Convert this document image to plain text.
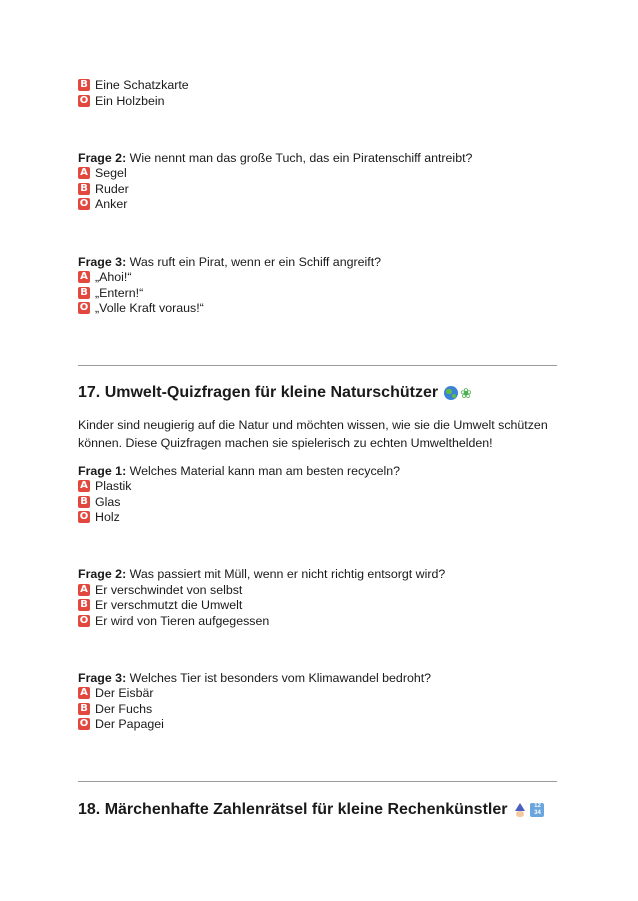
B Eine Schatzkarte
O Ein Holzbein
Frage 2: Wie nennt man das große Tuch, das ein Piratenschiff antreibt?
A Segel
B Ruder
O Anker
Frage 3: Was ruft ein Pirat, wenn er ein Schiff angreift?
A „Ahoi!“
B „Entern!“
O „Volle Kraft voraus!“
17. Umwelt-Quizfragen für kleine Naturschützer ❀
Kinder sind neugierig auf die Natur und möchten wissen, wie sie die Umwelt schützen können. Diese Quizfragen machen sie spielerisch zu echten Umwelthelden!
Frage 1: Welches Material kann man am besten recyceln?
A Plastik
B Glas
O Holz
Frage 2: Was passiert mit Müll, wenn er nicht richtig entsorgt wird?
A Er verschwindet von selbst
B Er verschmutzt die Umwelt
O Er wird von Tieren aufgegessen
Frage 3: Welches Tier ist besonders vom Klimawandel bedroht?
A Der Eisbär
B Der Fuchs
O Der Papagei
18. Märchenhafte Zahlenrätsel für kleine Rechenkünstler	12
34
